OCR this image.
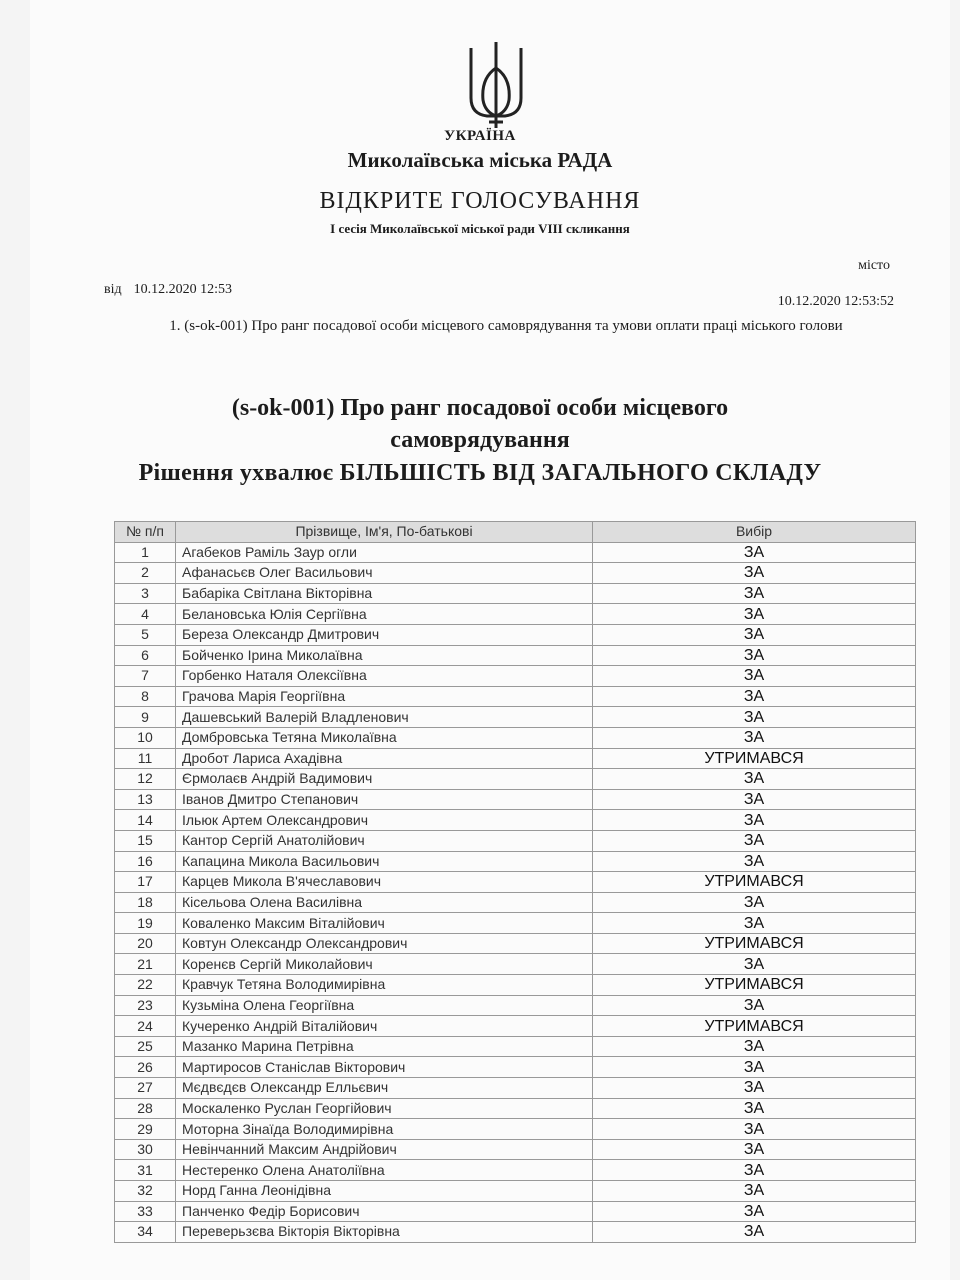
УКРАЇНА
Миколаївська міська РАДА
ВІДКРИТЕ ГОЛОСУВАННЯ
І сесія Миколаївської міської ради VIII скликання
місто
від 10.12.2020 12:53
10.12.2020 12:53:52
1. (s-ok-001) Про ранг посадової особи місцевого самоврядування та умови оплати праці міського голови
(s-ok-001) Про ранг посадової особи місцевого самоврядування
Рішення ухвалює БІЛЬШІСТЬ ВІД ЗАГАЛЬНОГО СКЛАДУ
№ п/п	Прізвище, Ім'я, По-батькові	Вибір
1	Агабеков Раміль Заур огли	ЗА
2	Афанасьєв Олег Васильович	ЗА
3	Бабаріка Світлана Вікторівна	ЗА
4	Белановська Юлія Сергіївна	ЗА
5	Береза Олександр Дмитрович	ЗА
6	Бойченко Ірина Миколаївна	ЗА
7	Горбенко Наталя Олексіївна	ЗА
8	Грачова Марія Георгіївна	ЗА
9	Дашевський Валерій Владленович	ЗА
10	Домбровська Тетяна Миколаївна	ЗА
11	Дробот Лариса Ахадівна	УТРИМАВСЯ
12	Єрмолаєв Андрій Вадимович	ЗА
13	Іванов Дмитро Степанович	ЗА
14	Ільюк Артем Олександрович	ЗА
15	Кантор Сергій Анатолійович	ЗА
16	Капацина Микола Васильович	ЗА
17	Карцев Микола В'ячеславович	УТРИМАВСЯ
18	Кісельова Олена Василівна	ЗА
19	Коваленко Максим Віталійович	ЗА
20	Ковтун Олександр Олександрович	УТРИМАВСЯ
21	Коренєв Сергій Миколайович	ЗА
22	Кравчук Тетяна Володимирівна	УТРИМАВСЯ
23	Кузьміна Олена Георгіївна	ЗА
24	Кучеренко Андрій Віталійович	УТРИМАВСЯ
25	Мазанко Марина Петрівна	ЗА
26	Мартиросов Станіслав Вікторович	ЗА
27	Мєдвєдєв Олександр Елльєвич	ЗА
28	Москаленко Руслан Георгійович	ЗА
29	Моторна Зінаїда Володимирівна	ЗА
30	Невінчанний Максим Андрійович	ЗА
31	Нестеренко Олена Анатоліївна	ЗА
32	Норд Ганна Леонідівна	ЗА
33	Панченко Федір Борисович	ЗА
34	Переверьзєва Вікторія Вікторівна	ЗА
